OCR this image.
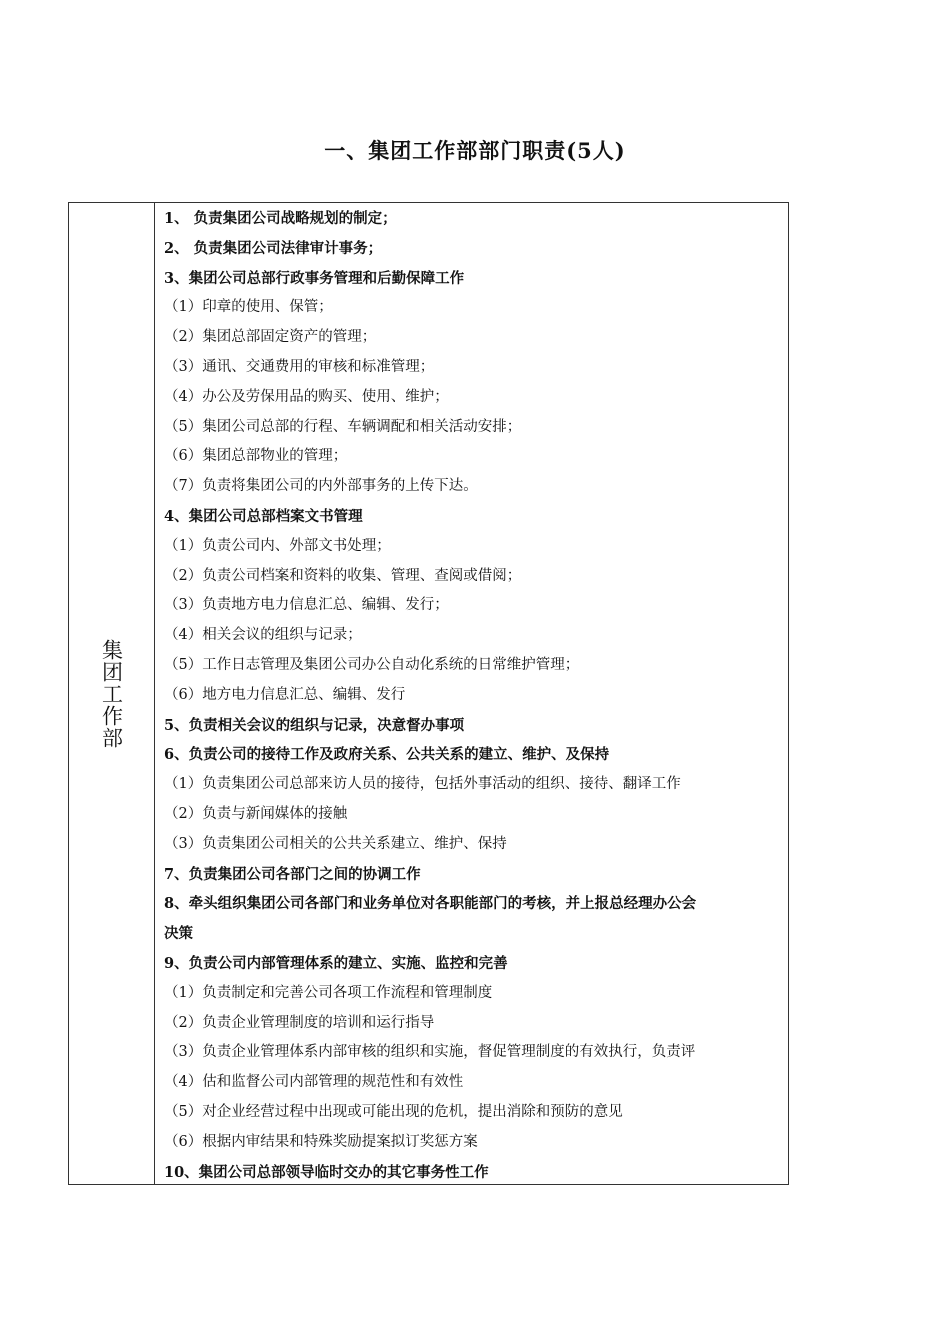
一、集团工作部部门职责(5人)
集团工作部
1、 负责集团公司战略规划的制定；
2、 负责集团公司法律审计事务；
3、集团公司总部行政事务管理和后勤保障工作
（1）印章的使用、保管；
（2）集团总部固定资产的管理；
（3）通讯、交通费用的审核和标准管理；
（4）办公及劳保用品的购买、使用、维护；
（5）集团公司总部的行程、车辆调配和相关活动安排；
（6）集团总部物业的管理；
（7）负责将集团公司的内外部事务的上传下达。
4、集团公司总部档案文书管理
（1）负责公司内、外部文书处理；
（2）负责公司档案和资料的收集、管理、查阅或借阅；
（3）负责地方电力信息汇总、编辑、发行；
（4）相关会议的组织与记录；
（5）工作日志管理及集团公司办公自动化系统的日常维护管理；
（6）地方电力信息汇总、编辑、发行
5、负责相关会议的组织与记录，决意督办事项
6、负责公司的接待工作及政府关系、公共关系的建立、维护、及保持
（1）负责集团公司总部来访人员的接待，包括外事活动的组织、接待、翻译工作
（2）负责与新闻媒体的接触
（3）负责集团公司相关的公共关系建立、维护、保持
7、负责集团公司各部门之间的协调工作
8、牵头组织集团公司各部门和业务单位对各职能部门的考核，并上报总经理办公会
决策
9、负责公司内部管理体系的建立、实施、监控和完善
（1）负责制定和完善公司各项工作流程和管理制度
（2）负责企业管理制度的培训和运行指导
（3）负责企业管理体系内部审核的组织和实施，督促管理制度的有效执行，负责评
（4）估和监督公司内部管理的规范性和有效性
（5）对企业经营过程中出现或可能出现的危机，提出消除和预防的意见
（6）根据内审结果和特殊奖励提案拟订奖惩方案
10、集团公司总部领导临时交办的其它事务性工作
